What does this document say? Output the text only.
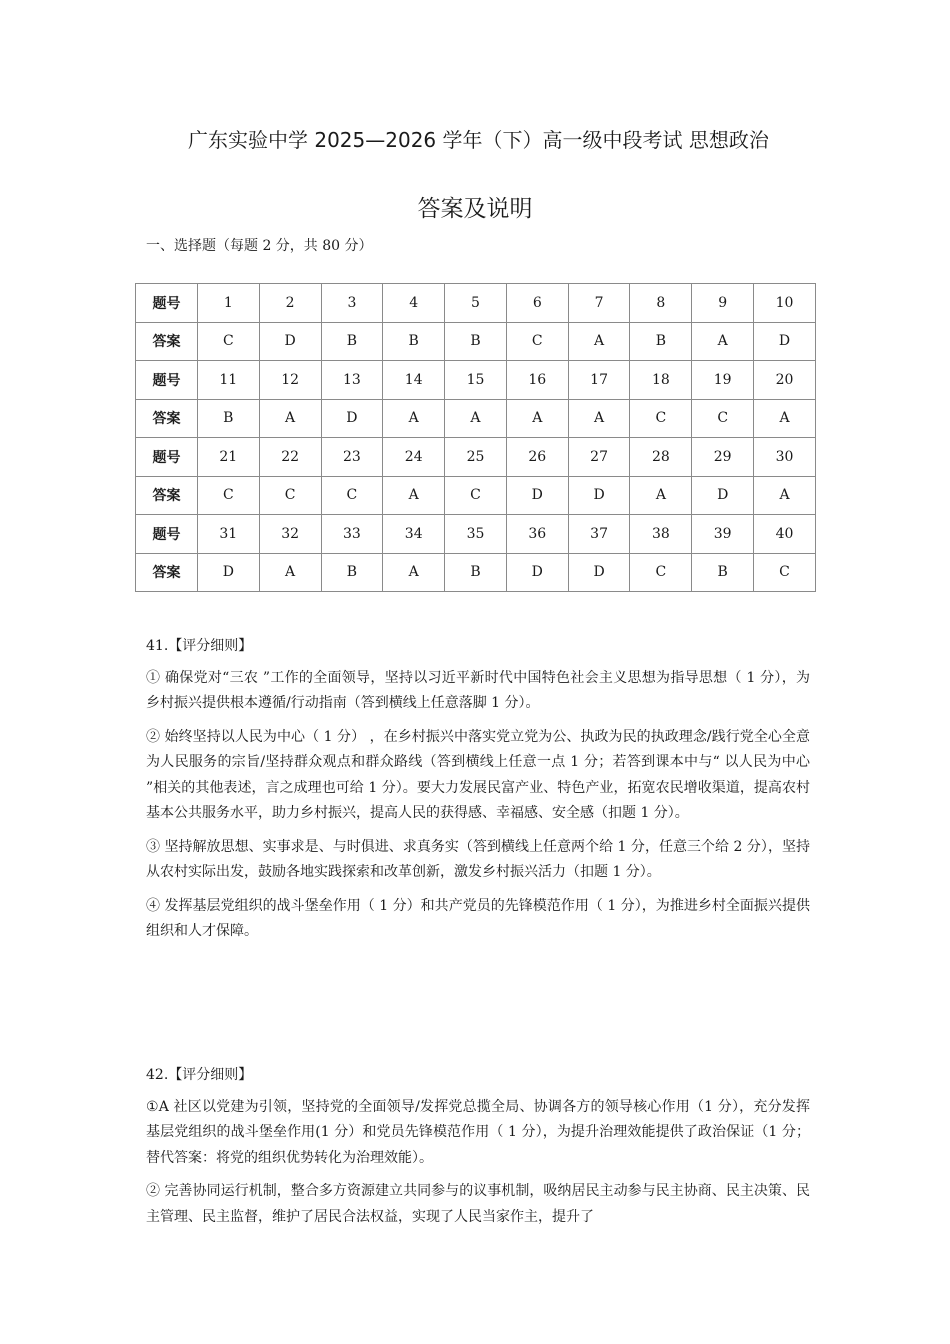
广东实验中学 2025—2026 学年（下）高一级中段考试 思想政治
答案及说明
一、选择题（每题 2 分，共 80 分）
题号	1	2	3	4	5	6	7	8	9	10
答案	C	D	B	B	B	C	A	B	A	D
题号	11	12	13	14	15	16	17	18	19	20
答案	B	A	D	A	A	A	A	C	C	A
题号	21	22	23	24	25	26	27	28	29	30
答案	C	C	C	A	C	D	D	A	D	A
题号	31	32	33	34	35	36	37	38	39	40
答案	D	A	B	A	B	D	D	C	B	C
41.【评分细则】

① 确保党对“三农 ”工作的全面领导，坚持以习近平新时代中国特色社会主义思想为指导思想（ 1 分），为乡村振兴提供根本遵循/行动指南（答到横线上任意落脚 1 分）。

② 始终坚持以人民为中心（ 1 分） ，在乡村振兴中落实党立党为公、执政为民的执政理念/践行党全心全意为人民服务的宗旨/坚持群众观点和群众路线（答到横线上任意一点 1 分；若答到课本中与“ 以人民为中心 ”相关的其他表述，言之成理也可给 1 分）。要大力发展民富产业、特色产业，拓宽农民增收渠道，提高农村基本公共服务水平，助力乡村振兴，提高人民的获得感、幸福感、安全感（扣题 1 分）。

③ 坚持解放思想、实事求是、与时俱进、求真务实（答到横线上任意两个给 1 分，任意三个给 2 分），坚持从农村实际出发，鼓励各地实践探索和改革创新，激发乡村振兴活力（扣题 1 分）。

④ 发挥基层党组织的战斗堡垒作用（ 1 分）和共产党员的先锋模范作用（ 1 分），为推进乡村全面振兴提供组织和人才保障。

42.【评分细则】

①A 社区以党建为引领，坚持党的全面领导/发挥党总揽全局、协调各方的领导核心作用（1 分），充分发挥基层党组织的战斗堡垒作用(1 分）和党员先锋模范作用（ 1 分），为提升治理效能提供了政治保证（1 分；替代答案：将党的组织优势转化为治理效能）。

② 完善协同运行机制，整合多方资源建立共同参与的议事机制，吸纳居民主动参与民主协商、民主决策、民主管理、民主监督，维护了居民合法权益，实现了人民当家作主，提升了
